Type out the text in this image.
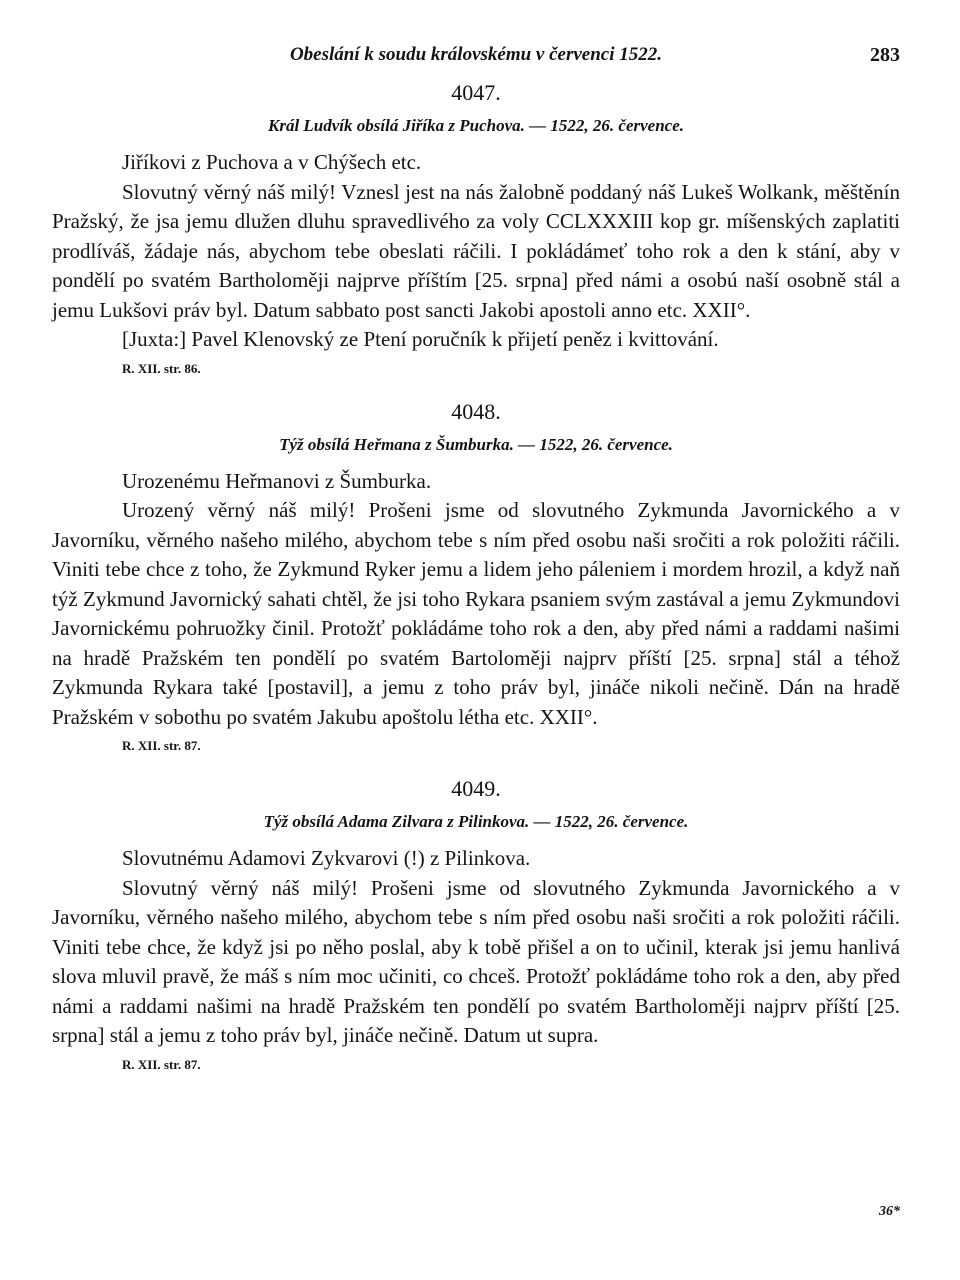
Obeslání k soudu královskému v červenci 1522.	283
4047.
Král Ludvík obsílá Jiříka z Puchova. — 1522, 26. července.

Jiříkovi z Puchova a v Chýšech etc.

Slovutný věrný náš milý! Vznesl jest na nás žalobně poddaný náš Lukeš Wolkank, měštěnín Pražský, že jsa jemu dlužen dluhu spravedlivého za voly CCLXXXIII kop gr. míšenských zaplatiti prodlíváš, žádaje nás, abychom tebe obeslati ráčili. I pokládámeť toho rok a den k stání, aby v pondělí po svatém Bartholoměji najprve příštím [25. srpna] před námi a osobú naší osobně stál a jemu Lukšovi práv byl. Datum sabbato post sancti Jakobi apostoli anno etc. XXII°.

[Juxta:] Pavel Klenovský ze Ptení poručník k přijetí peněz i kvittování.

R. XII. str. 86.
4048.
Týž obsílá Heřmana z Šumburka. — 1522, 26. července.

Urozenému Heřmanovi z Šumburka.

Urozený věrný náš milý! Prošeni jsme od slovutného Zykmunda Javornického a v Javorníku, věrného našeho milého, abychom tebe s ním před osobu naši sročiti a rok položiti ráčili. Viniti tebe chce z toho, že Zykmund Ryker jemu a lidem jeho páleniem i mordem hrozil, a když naň týž Zykmund Javornický sahati chtěl, že jsi toho Rykara psaniem svým zastával a jemu Zykmundovi Javornickému pohruožky činil. Protožť pokládáme toho rok a den, aby před námi a raddami našimi na hradě Pražském ten pondělí po svatém Bartoloměji najprv příští [25. srpna] stál a téhož Zykmunda Rykara také [postavil], a jemu z toho práv byl, jináče nikoli nečině. Dán na hradě Pražském v sobothu po svatém Jakubu apoštolu létha etc. XXII°.

R. XII. str. 87.
4049.
Týž obsílá Adama Zilvara z Pilinkova. — 1522, 26. července.

Slovutnému Adamovi Zykvarovi (!) z Pilinkova.

Slovutný věrný náš milý! Prošeni jsme od slovutného Zykmunda Javornického a v Javorníku, věrného našeho milého, abychom tebe s ním před osobu naši sročiti a rok položiti ráčili. Viniti tebe chce, že když jsi po něho poslal, aby k tobě přišel a on to učinil, kterak jsi jemu hanlivá slova mluvil pravě, že máš s ním moc učiniti, co chceš. Protožť pokládáme toho rok a den, aby před námi a raddami našimi na hradě Pražském ten pondělí po svatém Bartholoměji najprv příští [25. srpna] stál a jemu z toho práv byl, jináče nečině. Datum ut supra.

R. XII. str. 87.
36*
